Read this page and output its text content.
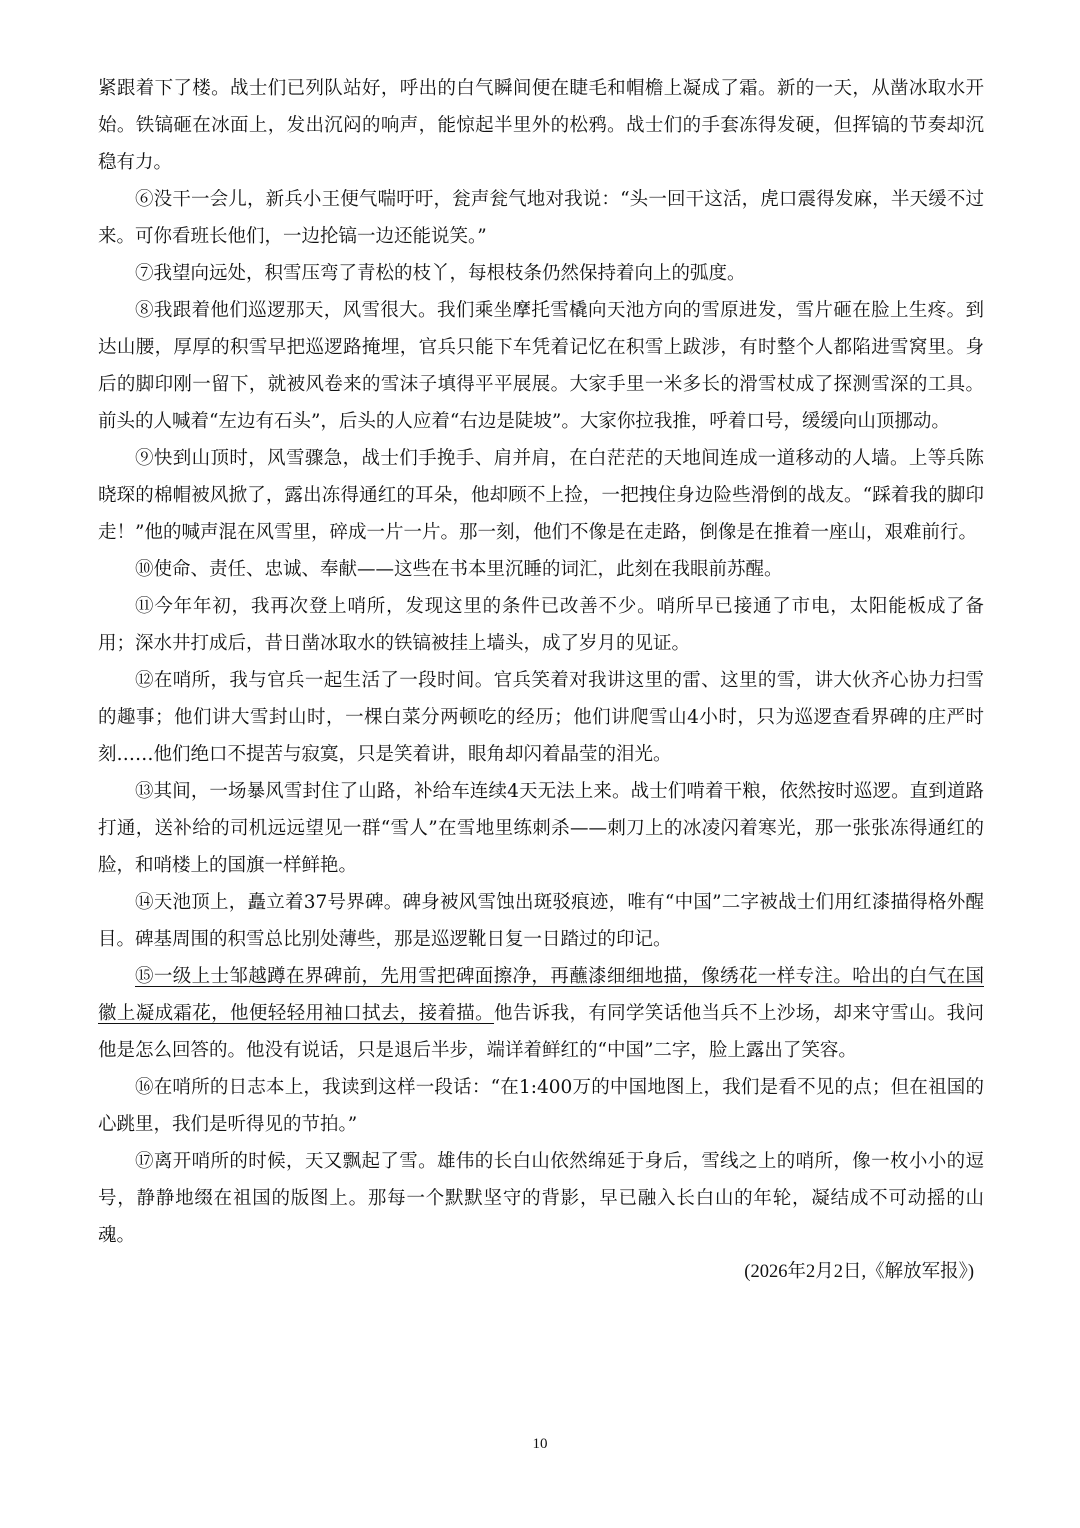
紧跟着下了楼。战士们已列队站好，呼出的白气瞬间便在睫毛和帽檐上凝成了霜。新的一天，从凿冰取水开始。铁镐砸在冰面上，发出沉闷的响声，能惊起半里外的松鸦。战士们的手套冻得发硬，但挥镐的节奏却沉稳有力。

⑥没干一会儿，新兵小王便气喘吁吁，瓮声瓮气地对我说：“头一回干这活，虎口震得发麻，半天缓不过来。可你看班长他们，一边抡镐一边还能说笑。”

⑦我望向远处，积雪压弯了青松的枝丫，每根枝条仍然保持着向上的弧度。

⑧我跟着他们巡逻那天，风雪很大。我们乘坐摩托雪橇向天池方向的雪原进发，雪片砸在脸上生疼。到达山腰，厚厚的积雪早把巡逻路掩埋，官兵只能下车凭着记忆在积雪上跋涉，有时整个人都陷进雪窝里。身后的脚印刚一留下，就被风卷来的雪沫子填得平平展展。大家手里一米多长的滑雪杖成了探测雪深的工具。前头的人喊着“左边有石头”，后头的人应着“右边是陡坡”。大家你拉我推，呼着口号，缓缓向山顶挪动。

⑨快到山顶时，风雪骤急，战士们手挽手、肩并肩，在白茫茫的天地间连成一道移动的人墙。上等兵陈晓琛的棉帽被风掀了，露出冻得通红的耳朵，他却顾不上捡，一把拽住身边险些滑倒的战友。“踩着我的脚印走！”他的喊声混在风雪里，碎成一片一片。那一刻，他们不像是在走路，倒像是在推着一座山，艰难前行。

⑩使命、责任、忠诚、奉献——这些在书本里沉睡的词汇，此刻在我眼前苏醒。

⑪今年年初，我再次登上哨所，发现这里的条件已改善不少。哨所早已接通了市电，太阳能板成了备用；深水井打成后，昔日凿冰取水的铁镐被挂上墙头，成了岁月的见证。

⑫在哨所，我与官兵一起生活了一段时间。官兵笑着对我讲这里的雷、这里的雪，讲大伙齐心协力扫雪的趣事；他们讲大雪封山时，一棵白菜分两顿吃的经历；他们讲爬雪山4小时，只为巡逻查看界碑的庄严时刻……他们绝口不提苦与寂寞，只是笑着讲，眼角却闪着晶莹的泪光。

⑬其间，一场暴风雪封住了山路，补给车连续4天无法上来。战士们啃着干粮，依然按时巡逻。直到道路打通，送补给的司机远远望见一群“雪人”在雪地里练刺杀——刺刀上的冰凌闪着寒光，那一张张冻得通红的脸，和哨楼上的国旗一样鲜艳。

⑭天池顶上，矗立着37号界碑。碑身被风雪蚀出斑驳痕迹，唯有“中国”二字被战士们用红漆描得格外醒目。碑基周围的积雪总比别处薄些，那是巡逻靴日复一日踏过的印记。

⑮一级上士邹越蹲在界碑前，先用雪把碑面擦净，再蘸漆细细地描，像绣花一样专注。哈出的白气在国徽上凝成霜花，他便轻轻用袖口拭去，接着描。他告诉我，有同学笑话他当兵不上沙场，却来守雪山。我问他是怎么回答的。他没有说话，只是退后半步，端详着鲜红的“中国”二字，脸上露出了笑容。

⑯在哨所的日志本上，我读到这样一段话：“在1:400万的中国地图上，我们是看不见的点；但在祖国的心跳里，我们是听得见的节拍。”

⑰离开哨所的时候，天又飘起了雪。雄伟的长白山依然绵延于身后，雪线之上的哨所，像一枚小小的逗号，静静地缀在祖国的版图上。那每一个默默坚守的背影，早已融入长白山的年轮，凝结成不可动摇的山魂。

(2026年2月2日,《解放军报》)

10
